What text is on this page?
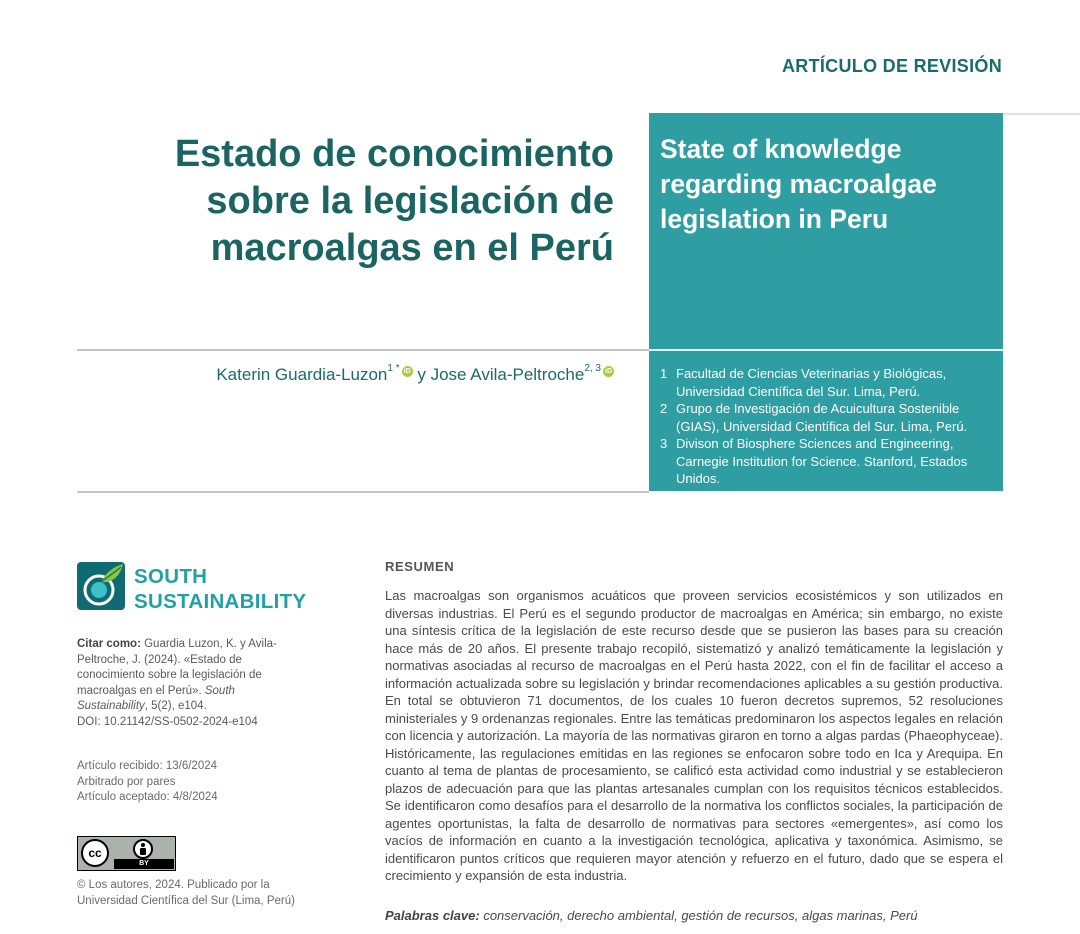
ARTÍCULO DE REVISIÓN
Estado de conocimiento
sobre la legislación de
macroalgas en el Perú
State of knowledge
regarding macroalgae
legislation in Peru
Katerin Guardia-Luzon$^{1 *}$ iD y Jose Avila-Peltroche$^{2, 3}$ iD	1 Facultad de Ciencias Veterinarias y Biológicas, Universidad Científica del Sur. Lima, Perú.
2 Grupo de Investigación de Acuicultura Sostenible (GIAS), Universidad Científica del Sur. Lima, Perú.
3 Divison of Biosphere Sciences and Engineering, Carnegie Institution for Science. Stanford, Estados Unidos.
SOUTH
SUSTAINABILITY
Citar como: Guardia Luzon, K. y Avila-Peltroche, J. (2024). «Estado de conocimiento sobre la legislación de macroalgas en el Perú». South Sustainability, 5(2), e104.
DOI: 10.21142/SS-0502-2024-e104
Artículo recibido: 13/6/2024
Arbitrado por pares
Artículo aceptado: 4/8/2024
cc
BY
© Los autores, 2024. Publicado por la Universidad Científica del Sur (Lima, Perú)
RESUMEN
Las macroalgas son organismos acuáticos que proveen servicios ecosistémicos y son utilizados en diversas industrias. El Perú es el segundo productor de macroalgas en América; sin embargo, no existe una síntesis crítica de la legislación de este recurso desde que se pusieron las bases para su creación hace más de 20 años. El presente trabajo recopiló, sistematizó y analizó temáticamente la legislación y normativas asociadas al recurso de macroalgas en el Perú hasta 2022, con el fin de facilitar el acceso a información actualizada sobre su legislación y brindar recomendaciones aplicables a su gestión productiva. En total se obtuvieron 71 documentos, de los cuales 10 fueron decretos supremos, 52 resoluciones ministeriales y 9 ordenanzas regionales. Entre las temáticas predominaron los aspectos legales en relación con licencia y autorización. La mayoría de las normativas giraron en torno a algas pardas (Phaeophyceae). Históricamente, las regulaciones emitidas en las regiones se enfocaron sobre todo en Ica y Arequipa. En cuanto al tema de plantas de procesamiento, se calificó esta actividad como industrial y se establecieron plazos de adecuación para que las plantas artesanales cumplan con los requisitos técnicos establecidos. Se identificaron como desafíos para el desarrollo de la normativa los conflictos sociales, la participación de agentes oportunistas, la falta de desarrollo de normativas para sectores «emergentes», así como los vacíos de información en cuanto a la investigación tecnológica, aplicativa y taxonómica. Asimismo, se identificaron puntos críticos que requieren mayor atención y refuerzo en el futuro, dado que se espera el crecimiento y expansión de esta industria.
Palabras clave: conservación, derecho ambiental, gestión de recursos, algas marinas, Perú
